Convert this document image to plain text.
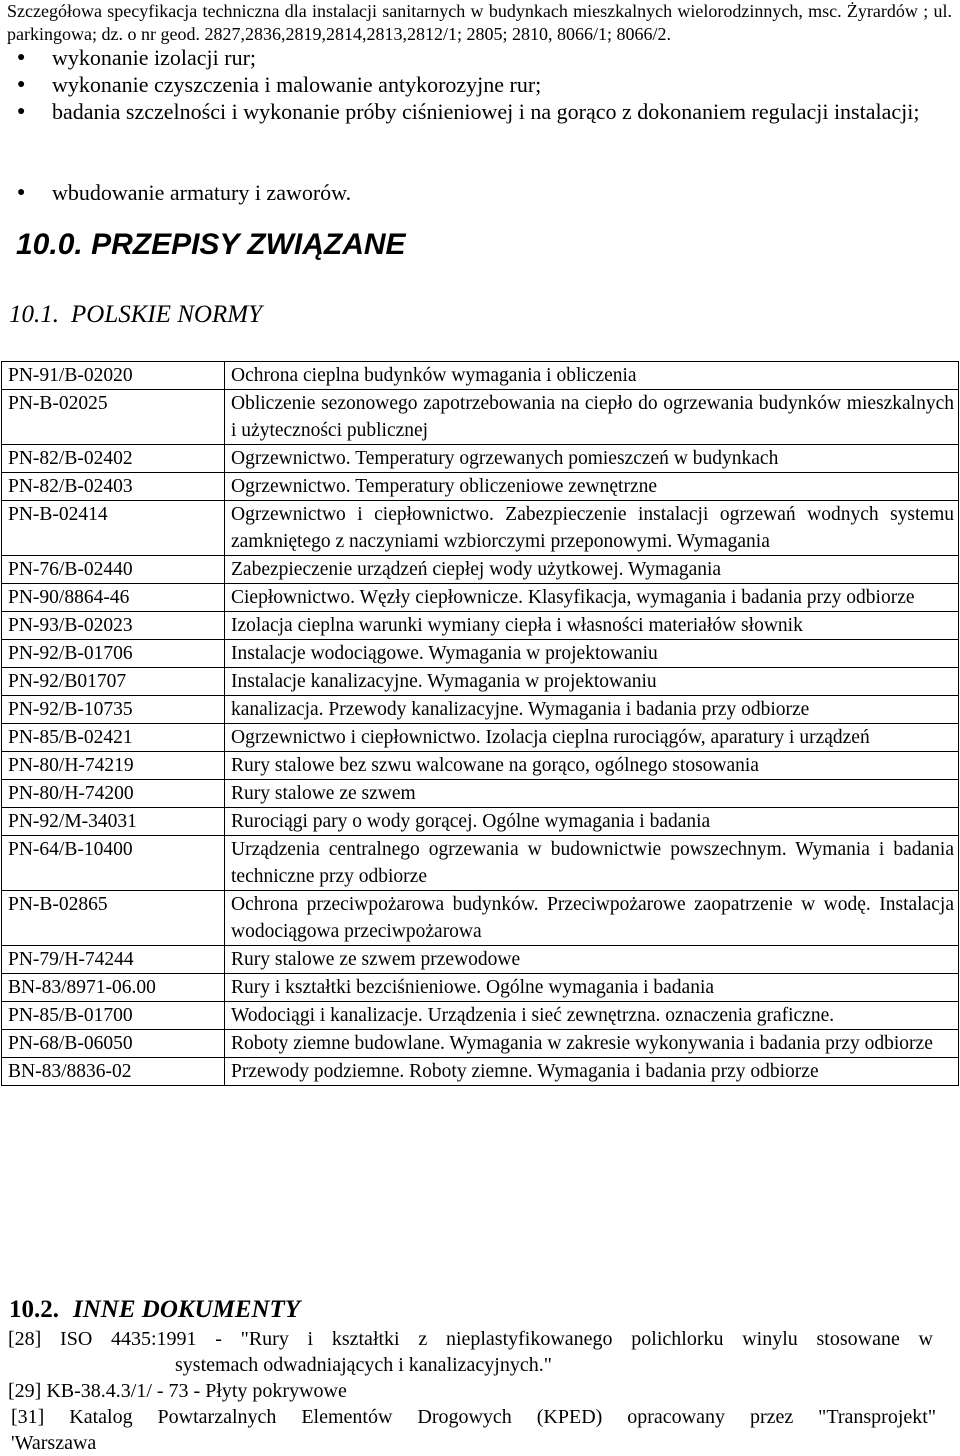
Szczegółowa specyfikacja techniczna dla instalacji sanitarnych w budynkach mieszkalnych wielorodzinnych, msc. Żyrardów ; ul. parkingowa; dz. o nr geod. 2827,2836,2819,2814,2813,2812/1; 2805; 2810, 8066/1; 8066/2.
● wykonanie izolacji rur;
● wykonanie czyszczenia i malowanie antykorozyjne rur;
● badania szczelności i wykonanie próby ciśnieniowej i na gorąco z dokonaniem regulacji instalacji;
● wbudowanie armatury i zaworów.
10.0. PRZEPISY ZWIĄZANE
10.1. POLSKIE NORMY
PN-91/B-02020	Ochrona cieplna budynków wymagania i obliczenia
PN-B-02025	Obliczenie sezonowego zapotrzebowania na ciepło do ogrzewania budynków mieszkalnych i użyteczności publicznej
PN-82/B-02402	Ogrzewnictwo. Temperatury ogrzewanych pomieszczeń w budynkach
PN-82/B-02403	Ogrzewnictwo. Temperatury obliczeniowe zewnętrzne
PN-B-02414	Ogrzewnictwo i ciepłownictwo. Zabezpieczenie instalacji ogrzewań wodnych systemu zamkniętego z naczyniami wzbiorczymi przeponowymi. Wymagania
PN-76/B-02440	Zabezpieczenie urządzeń ciepłej wody użytkowej. Wymagania
PN-90/8864-46	Ciepłownictwo. Węzły ciepłownicze. Klasyfikacja, wymagania i badania przy odbiorze
PN-93/B-02023	Izolacja cieplna warunki wymiany ciepła i własności materiałów słownik
PN-92/B-01706	Instalacje wodociągowe. Wymagania w projektowaniu
PN-92/B01707	Instalacje kanalizacyjne. Wymagania w projektowaniu
PN-92/B-10735	kanalizacja. Przewody kanalizacyjne. Wymagania i badania przy odbiorze
PN-85/B-02421	Ogrzewnictwo i ciepłownictwo. Izolacja cieplna rurociągów, aparatury i urządzeń
PN-80/H-74219	Rury stalowe bez szwu walcowane na gorąco, ogólnego stosowania
PN-80/H-74200	Rury stalowe ze szwem
PN-92/M-34031	Rurociągi pary o wody gorącej. Ogólne wymagania i badania
PN-64/B-10400	Urządzenia centralnego ogrzewania w budownictwie powszechnym. Wymania i badania techniczne przy odbiorze
PN-B-02865	Ochrona przeciwpożarowa budynków. Przeciwpożarowe zaopatrzenie w wodę. Instalacja wodociągowa przeciwpożarowa
PN-79/H-74244	Rury stalowe ze szwem przewodowe
BN-83/8971-06.00	Rury i kształtki bezciśnieniowe. Ogólne wymagania i badania
PN-85/B-01700	Wodociągi i kanalizacje. Urządzenia i sieć zewnętrzna. oznaczenia graficzne.
PN-68/B-06050	Roboty ziemne budowlane. Wymagania w zakresie wykonywania i badania przy odbiorze
BN-83/8836-02	Przewody podziemne. Roboty ziemne. Wymagania i badania przy odbiorze
10.2. INNE DOKUMENTY
[28] ISO 4435:1991 - "Rury i kształtki z nieplastyfikowanego polichlorku winylu stosowane w
systemach odwadniających i kanalizacyjnych."
[29] KB-38.4.3/1/ - 73 - Płyty pokrywowe
[31] Katalog Powtarzalnych Elementów Drogowych (KPED) opracowany przez "Transprojekt"
'Warszawa
